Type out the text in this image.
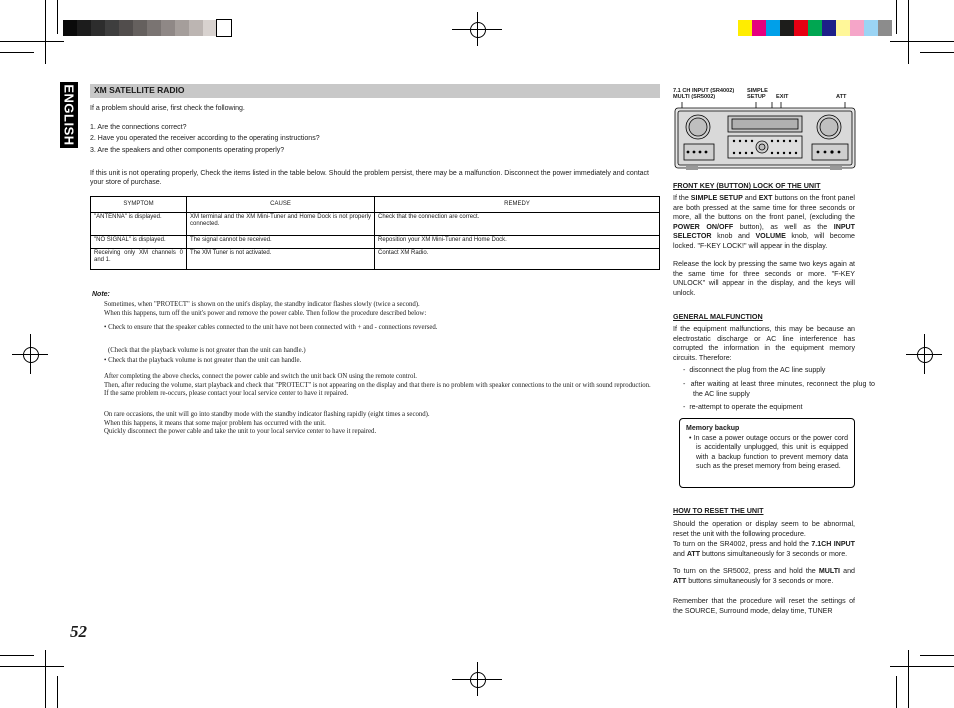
ENGLISH
52
XM SATELLITE RADIO
If a problem should arise, first check the following.
1. Are the connections correct?
2. Have you operated the receiver according to the operating instructions?
3. Are the speakers and other components operating properly?
If this unit is not operating properly, Check the items listed in the table below. Should the problem persist, there may be a malfunction. Disconnect the power immediately and contact your store of purchase.
SYMPTOM	CAUSE	REMEDY
"ANTENNA" is displayed.	XM terminal and the XM Mini-Tuner and Home Dock is not properly connected.	Check that the connection are correct.
"NO SIGNAL" is displayed.	The signal cannot be received.	Reposition your XM Mini-Tuner and Home Dock.
Receiving only XM channels 0 and 1.	The XM Tuner is not activated.	Contact XM Radio.
Note:
Sometimes, when "PROTECT" is shown on the unit's display, the standby indicator flashes slowly (twice a second).
When this happens, turn off the unit's power and remove the power cable. Then follow the procedure described below:
• Check to ensure that the speaker cables connected to the unit have not been connected with + and - connections reversed.
(Check that the playback volume is not greater than the unit can handle.)
• Check that the playback volume is not greater than the unit can handle.
After completing the above checks, connect the power cable and switch the unit back ON using the remote control.
Then, after reducing the volume, start playback and check that "PROTECT" is not appearing on the display and that there is no problem with speaker connections to the unit or with sound reproduction.
If the same problem re-occurs, please contact your local service center to have it repaired.
On rare occasions, the unit will go into standby mode with the standby indicator flashing rapidly (eight times a second).
When this happens, it means that some major problem has occurred with the unit.
Quickly disconnect the power cable and take the unit to your local service center to have it repaired.
7.1 CH INPUT (SR4002)
MULTI (SR5002)
SIMPLE
SETUP	EXIT	ATT
FRONT KEY (BUTTON) LOCK OF THE UNIT
If the SIMPLE SETUP and EXT buttons on the front panel are both pressed at the same time for three seconds or more, all the buttons on the front panel, (excluding the POWER ON/OFF button), as well as the INPUT SELECTOR knob and VOLUME knob, will become locked. "F-KEY LOCK!" will appear in the display.
Release the lock by pressing the same two keys again at the same time for three seconds or more. "F-KEY UNLOCK" will appear in the display, and the keys will unlock.
GENERAL MALFUNCTION
If the equipment malfunctions, this may be because an electrostatic discharge or AC line interference has corrupted the information in the equipment memory circuits. Therefore:
-  disconnect the plug from the AC line supply
-  after waiting at least three minutes, reconnect the plug to the AC line supply
-  re-attempt to operate the equipment
Memory backup
• In case a power outage occurs or the power cord is accidentally unplugged, this unit is equipped with a backup function to prevent memory data such as the preset memory from being erased.
HOW TO RESET THE UNIT
Should the operation or display seem to be abnormal, reset the unit with the following procedure.
To turn on the SR4002, press and hold the 7.1CH INPUT and ATT buttons simultaneously for 3 seconds or more.
To turn on the SR5002, press and hold the MULTI and ATT buttons simultaneously for 3 seconds or more.
Remember that the procedure will reset the settings of the SOURCE, Surround mode, delay time, TUNER
